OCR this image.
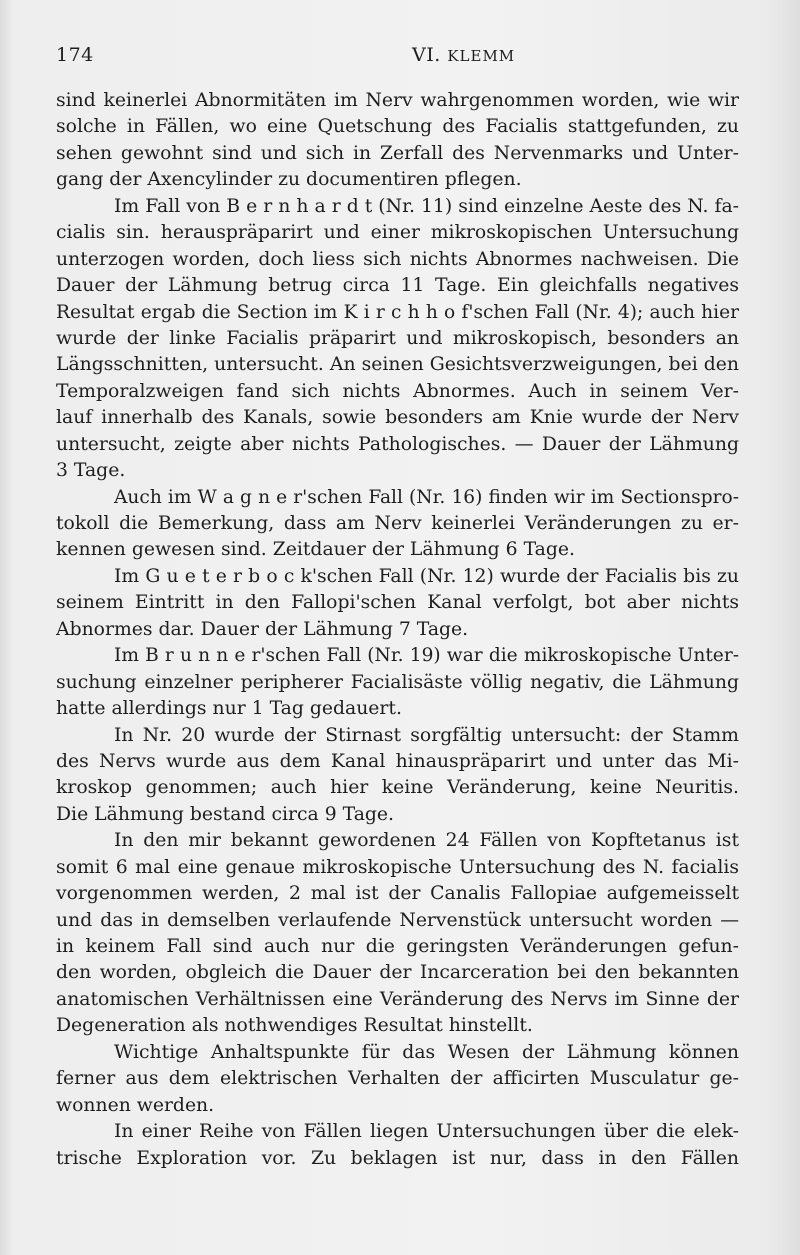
174	VI. KLEMM
sind keinerlei Abnormitäten im Nerv wahrgenommen worden, wie wir
solche in Fällen, wo eine Quetschung des Facialis stattgefunden, zu
sehen gewohnt sind und sich in Zerfall des Nervenmarks und Unter-
gang der Axencylinder zu documentiren pflegen.
Im Fall von B e r n h a r d t (Nr. 11) sind einzelne Aeste des N. fa-
cialis sin. herauspräparirt und einer mikroskopischen Untersuchung
unterzogen worden, doch liess sich nichts Abnormes nachweisen. Die
Dauer der Lähmung betrug circa 11 Tage. Ein gleichfalls negatives
Resultat ergab die Section im K i r c h h o f'schen Fall (Nr. 4); auch hier
wurde der linke Facialis präparirt und mikroskopisch, besonders an
Längsschnitten, untersucht. An seinen Gesichtsverzweigungen, bei den
Temporalzweigen fand sich nichts Abnormes. Auch in seinem Ver-
lauf innerhalb des Kanals, sowie besonders am Knie wurde der Nerv
untersucht, zeigte aber nichts Pathologisches. — Dauer der Lähmung
3 Tage.
Auch im W a g n e r'schen Fall (Nr. 16) finden wir im Sectionspro-
tokoll die Bemerkung, dass am Nerv keinerlei Veränderungen zu er-
kennen gewesen sind. Zeitdauer der Lähmung 6 Tage.
Im G u e t e r b o c k'schen Fall (Nr. 12) wurde der Facialis bis zu
seinem Eintritt in den Fallopi'schen Kanal verfolgt, bot aber nichts
Abnormes dar. Dauer der Lähmung 7 Tage.
Im B r u n n e r'schen Fall (Nr. 19) war die mikroskopische Unter-
suchung einzelner peripherer Facialisäste völlig negativ, die Lähmung
hatte allerdings nur 1 Tag gedauert.
In Nr. 20 wurde der Stirnast sorgfältig untersucht: der Stamm
des Nervs wurde aus dem Kanal hinauspräparirt und unter das Mi-
kroskop genommen; auch hier keine Veränderung, keine Neuritis.
Die Lähmung bestand circa 9 Tage.
In den mir bekannt gewordenen 24 Fällen von Kopftetanus ist
somit 6 mal eine genaue mikroskopische Untersuchung des N. facialis
vorgenommen werden, 2 mal ist der Canalis Fallopiae aufgemeisselt
und das in demselben verlaufende Nervenstück untersucht worden —
in keinem Fall sind auch nur die geringsten Veränderungen gefun-
den worden, obgleich die Dauer der Incarceration bei den bekannten
anatomischen Verhältnissen eine Veränderung des Nervs im Sinne der
Degeneration als nothwendiges Resultat hinstellt.
Wichtige Anhaltspunkte für das Wesen der Lähmung können
ferner aus dem elektrischen Verhalten der afficirten Musculatur ge-
wonnen werden.
In einer Reihe von Fällen liegen Untersuchungen über die elek-
trische Exploration vor. Zu beklagen ist nur, dass in den Fällen
